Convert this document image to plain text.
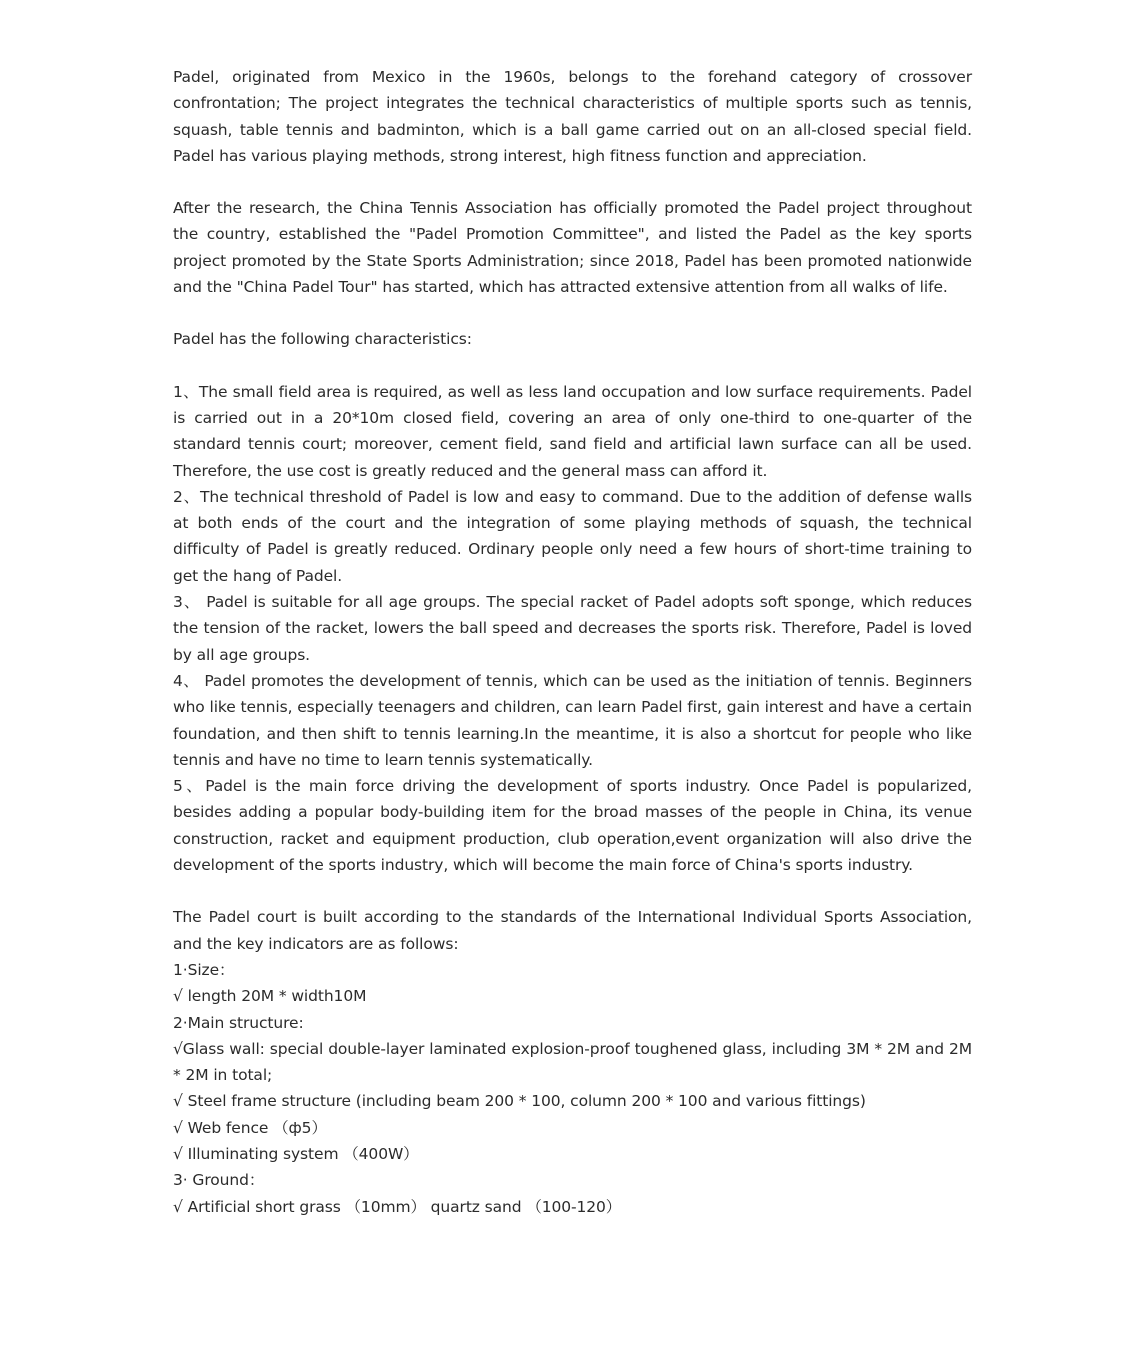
Padel, originated from Mexico in the 1960s, belongs to the forehand category of crossover confrontation; The project integrates the technical characteristics of multiple sports such as tennis, squash, table tennis and badminton, which is a ball game carried out on an all-closed special field. Padel has various playing methods, strong interest, high fitness function and appreciation.

After the research, the China Tennis Association has officially promoted the Padel project throughout the country, established the "Padel Promotion Committee", and listed the Padel as the key sports project promoted by the State Sports Administration; since 2018, Padel has been promoted nationwide and the "China Padel Tour" has started, which has attracted extensive attention from all walks of life.

Padel has the following characteristics:

1、The small field area is required, as well as less land occupation and low surface requirements. Padel is carried out in a 20*10m closed field, covering an area of only one-third to one-quarter of the standard tennis court; moreover, cement field, sand field and artificial lawn surface can all be used. Therefore, the use cost is greatly reduced and the general mass can afford it.

2、The technical threshold of Padel is low and easy to command. Due to the addition of defense walls at both ends of the court and the integration of some playing methods of squash, the technical difficulty of Padel is greatly reduced. Ordinary people only need a few hours of short-time training to get the hang of Padel.

3、 Padel is suitable for all age groups. The special racket of Padel adopts soft sponge, which reduces the tension of the racket, lowers the ball speed and decreases the sports risk. Therefore, Padel is loved by all age groups.

4、 Padel promotes the development of tennis, which can be used as the initiation of tennis. Beginners who like tennis, especially teenagers and children, can learn Padel first, gain interest and have a certain foundation, and then shift to tennis learning.In the meantime, it is also a shortcut for people who like tennis and have no time to learn tennis systematically.

5、Padel is the main force driving the development of sports industry. Once Padel is popularized, besides adding a popular body-building item for the broad masses of the people in China, its venue construction, racket and equipment production, club operation,event organization will also drive the development of the sports industry, which will become the main force of China's sports industry.

The Padel court is built according to the standards of the International Individual Sports Association, and the key indicators are as follows:

1·Size：

√ length 20M * width10M

2·Main structure:

√Glass wall: special double-layer laminated explosion-proof toughened glass, including 3M * 2M and 2M * 2M in total;

√ Steel frame structure (including beam 200 * 100, column 200 * 100 and various fittings)

√ Web fence （ф5）

√ Illuminating system （400W）

3· Ground：

√ Artificial short grass （10mm） quartz sand （100-120）
